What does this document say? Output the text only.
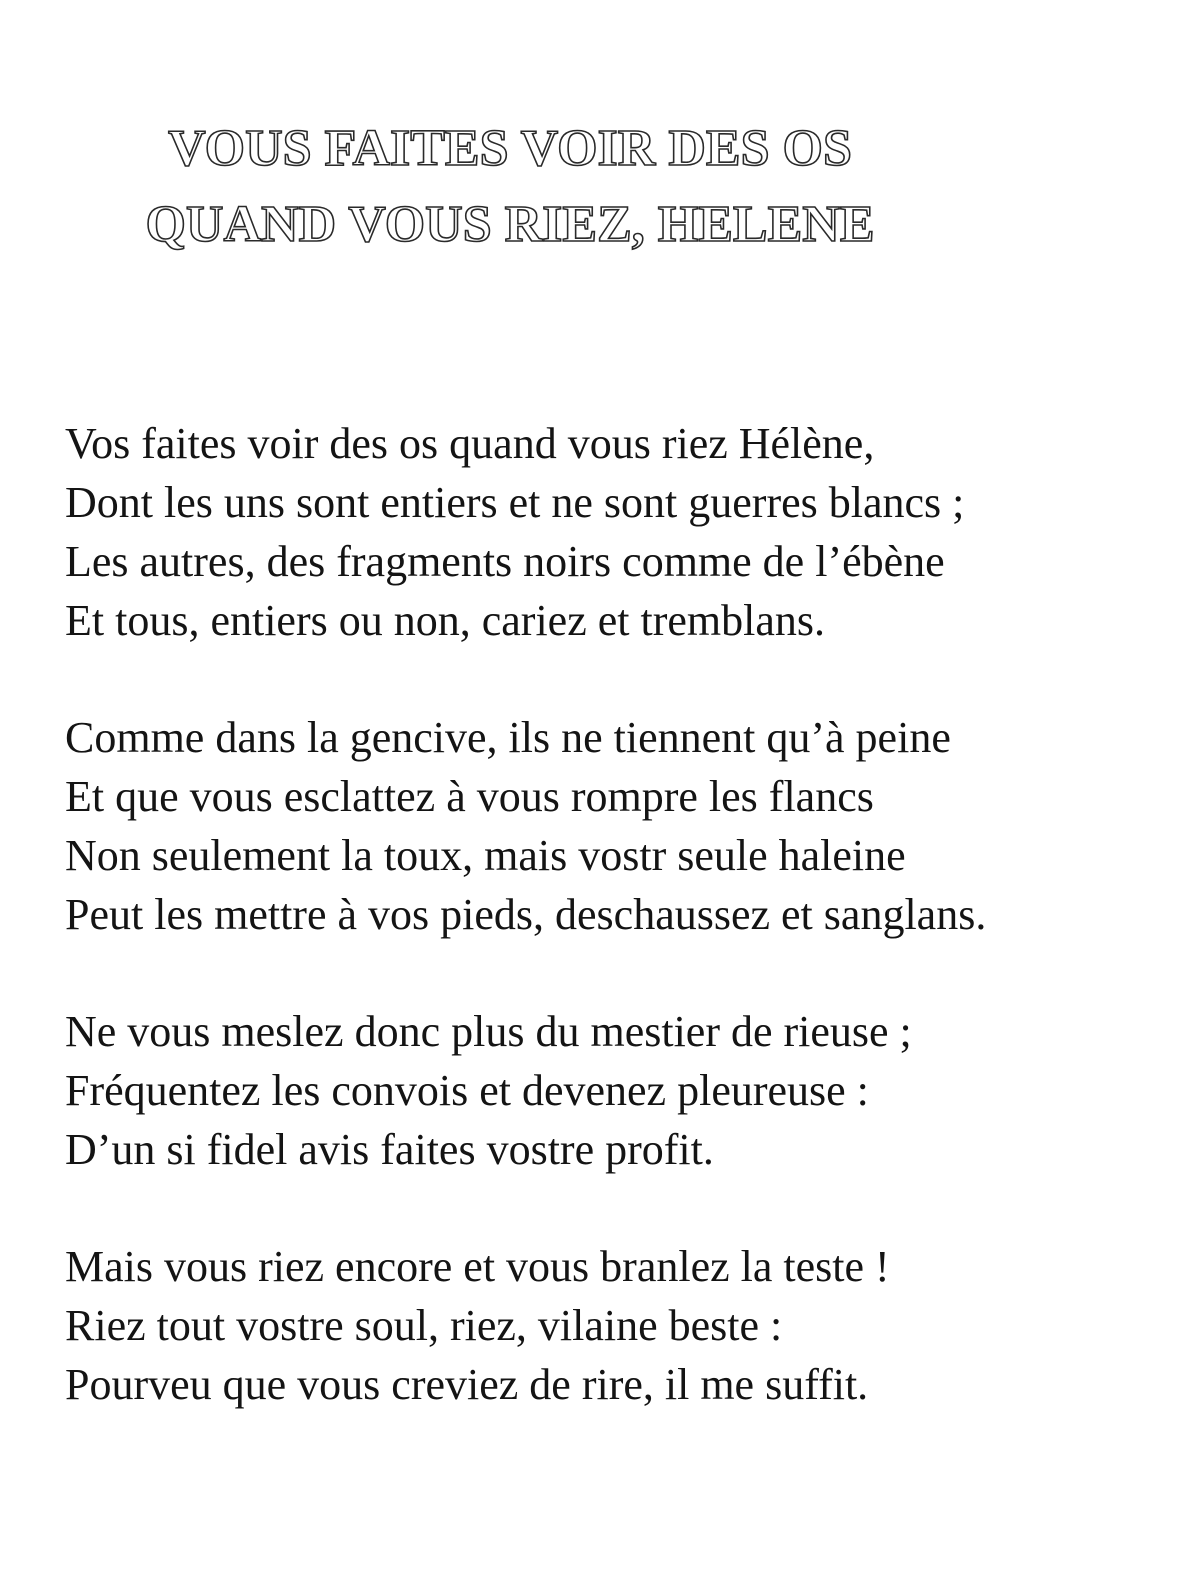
VOUS FAITES VOIR DES OS
QUAND VOUS RIEZ, HELENE
Vos faites voir des os quand vous riez Hélène,
Dont les uns sont entiers et ne sont guerres blancs ;
Les autres, des fragments noirs comme de l’ébène
Et tous, entiers ou non, cariez et tremblans.
Comme dans la gencive, ils ne tiennent qu’à peine
Et que vous esclattez à vous rompre les flancs
Non seulement la toux, mais vostr seule haleine
Peut les mettre à vos pieds, deschaussez et sanglans.
Ne vous meslez donc plus du mestier de rieuse ;
Fréquentez les convois et devenez pleureuse :
D’un si fidel avis faites vostre profit.
Mais vous riez encore et vous branlez la teste !
Riez tout vostre soul, riez, vilaine beste :
Pourveu que vous creviez de rire, il me suffit.
